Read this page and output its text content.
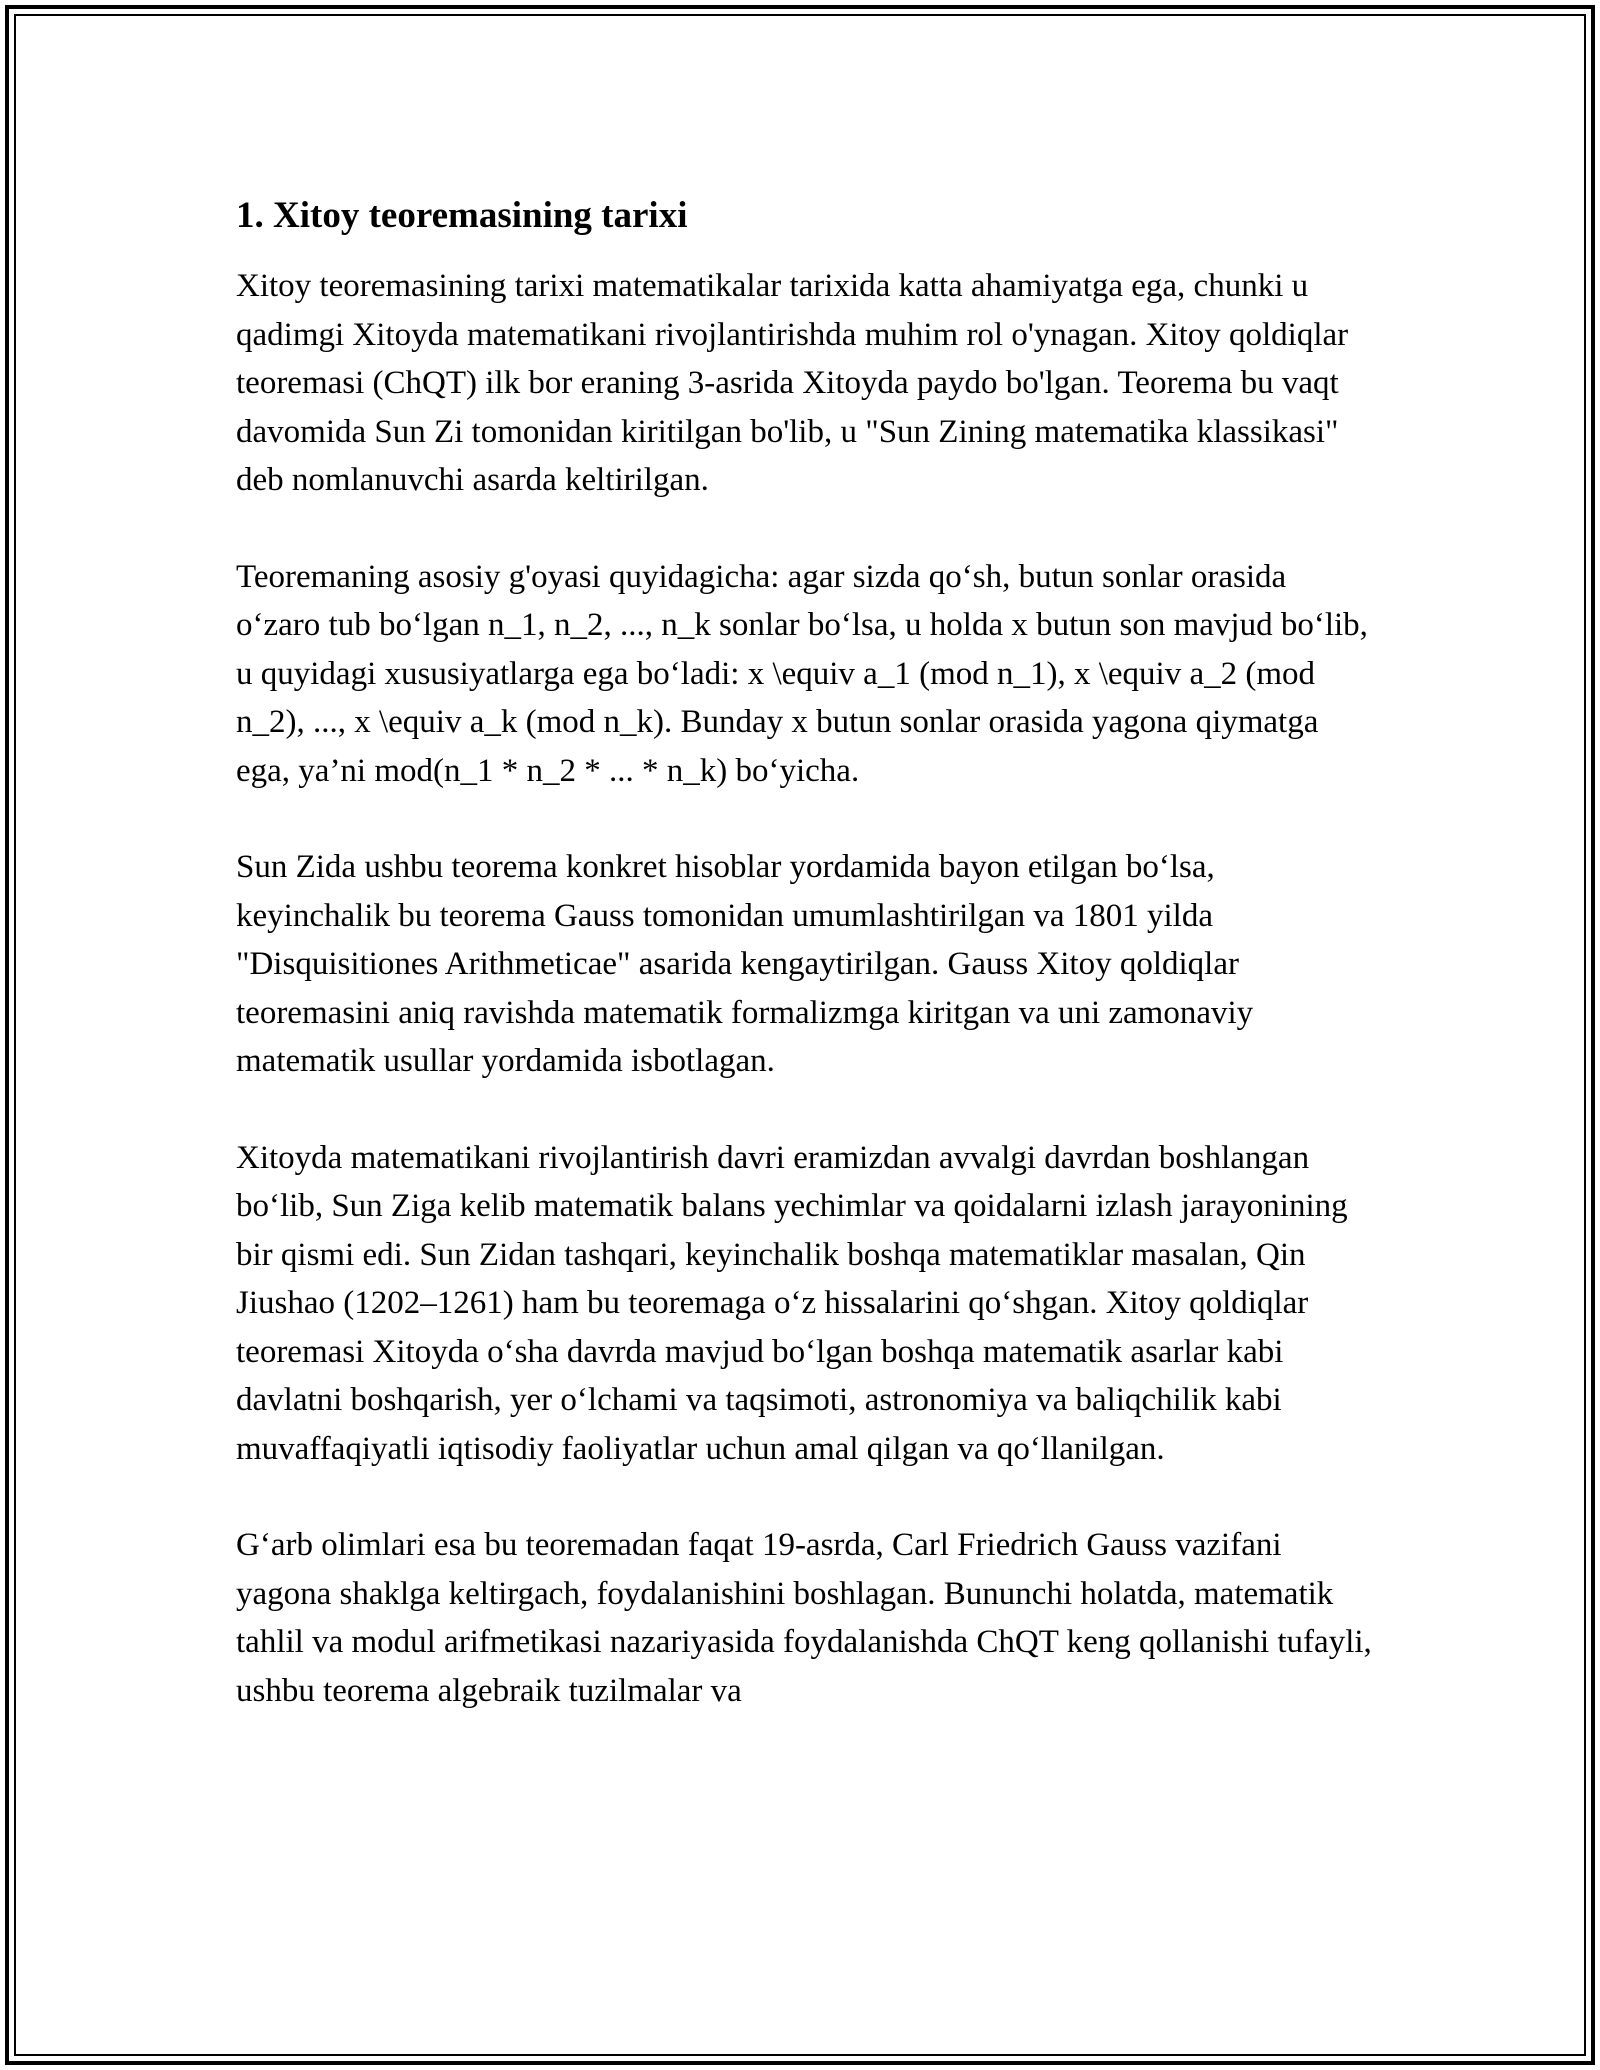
1. Xitoy teoremasining tarixi

Xitoy teoremasining tarixi matematikalar tarixida katta ahamiyatga ega, chunki u qadimgi Xitoyda matematikani rivojlantirishda muhim rol o'ynagan. Xitoy qoldiqlar teoremasi (ChQT) ilk bor eraning 3-asrida Xitoyda paydo bo'lgan. Teorema bu vaqt davomida Sun Zi tomonidan kiritilgan bo'lib, u "Sun Zining matematika klassikasi" deb nomlanuvchi asarda keltirilgan.

Teoremaning asosiy g'oyasi quyidagicha: agar sizda qo‘sh, butun sonlar orasida o‘zaro tub bo‘lgan n_1, n_2, ..., n_k sonlar bo‘lsa, u holda x butun son mavjud bo‘lib, u quyidagi xususiyatlarga ega bo‘ladi: x \equiv a_1 (mod n_1), x \equiv a_2 (mod n_2), ..., x \equiv a_k (mod n_k). Bunday x butun sonlar orasida yagona qiymatga ega, ya’ni mod(n_1 * n_2 * ... * n_k) bo‘yicha.

Sun Zida ushbu teorema konkret hisoblar yordamida bayon etilgan bo‘lsa, keyinchalik bu teorema Gauss tomonidan umumlashtirilgan va 1801 yilda "Disquisitiones Arithmeticae" asarida kengaytirilgan. Gauss Xitoy qoldiqlar teoremasini aniq ravishda matematik formalizmga kiritgan va uni zamonaviy matematik usullar yordamida isbotlagan.

Xitoyda matematikani rivojlantirish davri eramizdan avvalgi davrdan boshlangan bo‘lib, Sun Ziga kelib matematik balans yechimlar va qoidalarni izlash jarayonining bir qismi edi. Sun Zidan tashqari, keyinchalik boshqa matematiklar masalan, Qin Jiushao (1202–1261) ham bu teoremaga o‘z hissalarini qo‘shgan. Xitoy qoldiqlar teoremasi Xitoyda o‘sha davrda mavjud bo‘lgan boshqa matematik asarlar kabi davlatni boshqarish, yer o‘lchami va taqsimoti, astronomiya va baliqchilik kabi muvaffaqiyatli iqtisodiy faoliyatlar uchun amal qilgan va qo‘llanilgan.

G‘arb olimlari esa bu teoremadan faqat 19-asrda, Carl Friedrich Gauss vazifani yagona shaklga keltirgach, foydalanishini boshlagan. Bununchi holatda, matematik tahlil va modul arifmetikasi nazariyasida foydalanishda ChQT keng qollanishi tufayli, ushbu teorema algebraik tuzilmalar va
